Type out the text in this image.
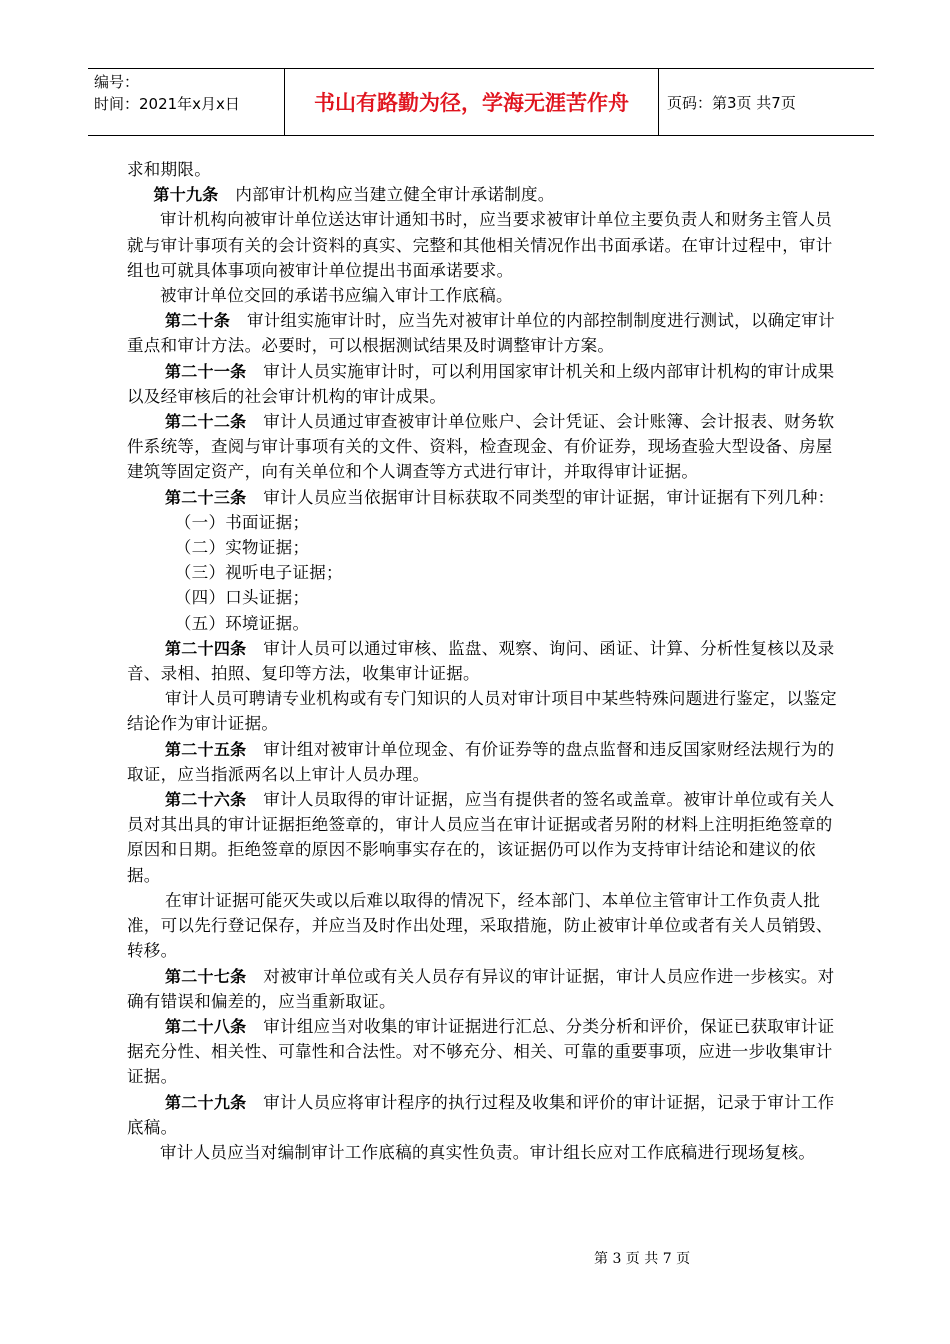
编号：
时间：2021年x月x日	书山有路勤为径，学海无涯苦作舟	页码：第3页 共7页

求和期限。

第十九条　 内部审计机构应当建立健全审计承诺制度。

审计机构向被审计单位送达审计通知书时，应当要求被审计单位主要负责人和财务主管人员就与审计事项有关的会计资料的真实、完整和其他相关情况作出书面承诺。在审计过程中，审计组也可就具体事项向被审计单位提出书面承诺要求。

被审计单位交回的承诺书应编入审计工作底稿。

第二十条　 审计组实施审计时，应当先对被审计单位的内部控制制度进行测试，以确定审计重点和审计方法。必要时，可以根据测试结果及时调整审计方案。

第二十一条　 审计人员实施审计时，可以利用国家审计机关和上级内部审计机构的审计成果以及经审核后的社会审计机构的审计成果。

第二十二条　 审计人员通过审查被审计单位账户、会计凭证、会计账簿、会计报表、财务软件系统等，查阅与审计事项有关的文件、资料，检查现金、有价证券，现场查验大型设备、房屋建筑等固定资产，向有关单位和个人调查等方式进行审计，并取得审计证据。

第二十三条　 审计人员应当依据审计目标获取不同类型的审计证据，审计证据有下列几种：

（一）书面证据；

（二）实物证据；

（三）视听电子证据；

（四）口头证据；

（五）环境证据。

第二十四条　 审计人员可以通过审核、监盘、观察、询问、函证、计算、分析性复核以及录音、录相、拍照、复印等方法，收集审计证据。

审计人员可聘请专业机构或有专门知识的人员对审计项目中某些特殊问题进行鉴定，以鉴定结论作为审计证据。

第二十五条　 审计组对被审计单位现金、有价证券等的盘点监督和违反国家财经法规行为的取证，应当指派两名以上审计人员办理。

第二十六条　 审计人员取得的审计证据，应当有提供者的签名或盖章。被审计单位或有关人员对其出具的审计证据拒绝签章的，审计人员应当在审计证据或者另附的材料上注明拒绝签章的原因和日期。拒绝签章的原因不影响事实存在的，该证据仍可以作为支持审计结论和建议的依据。

在审计证据可能灭失或以后难以取得的情况下，经本部门、本单位主管审计工作负责人批准，可以先行登记保存，并应当及时作出处理，采取措施，防止被审计单位或者有关人员销毁、转移。

第二十七条　 对被审计单位或有关人员存有异议的审计证据，审计人员应作进一步核实。对确有错误和偏差的，应当重新取证。

第二十八条　 审计组应当对收集的审计证据进行汇总、分类分析和评价，保证已获取审计证据充分性、相关性、可靠性和合法性。对不够充分、相关、可靠的重要事项，应进一步收集审计证据。

第二十九条　 审计人员应将审计程序的执行过程及收集和评价的审计证据，记录于审计工作底稿。

审计人员应当对编制审计工作底稿的真实性负责。审计组长应对工作底稿进行现场复核。

第 3 页 共 7 页
